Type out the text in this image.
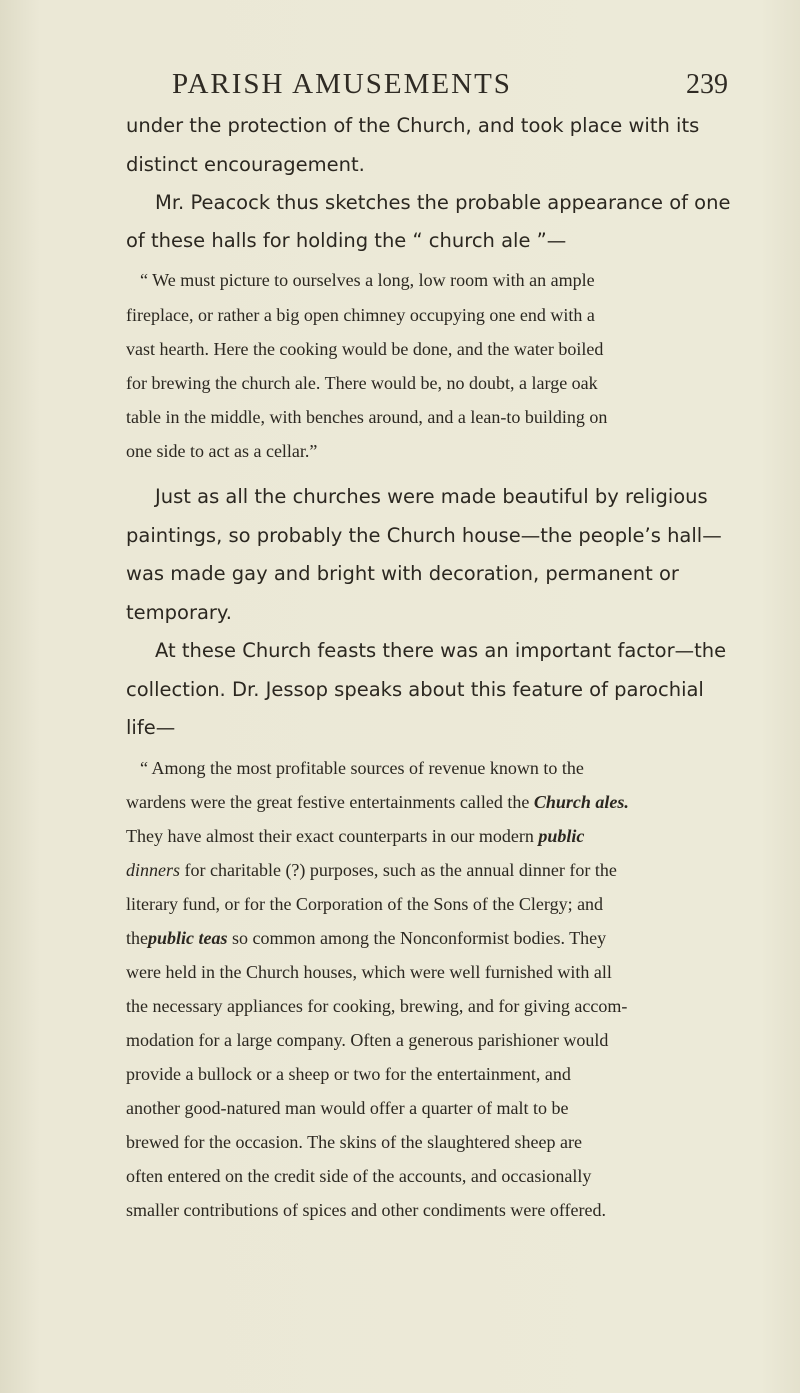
PARISH AMUSEMENTS	239
under the protection of the Church, and took place with its
distinct encouragement.
Mr. Peacock thus sketches the probable appearance of one
of these halls for holding the “ church ale ”—
“ We must picture to ourselves a long, low room with an ample
fireplace, or rather a big open chimney occupying one end with a
vast hearth. Here the cooking would be done, and the water boiled
for brewing the church ale. There would be, no doubt, a large oak
table in the middle, with benches around, and a lean-to building on
one side to act as a cellar.”
Just as all the churches were made beautiful by religious
paintings, so probably the Church house—the people’s hall—
was made gay and bright with decoration, permanent or
temporary.
At these Church feasts there was an important factor—the
collection. Dr. Jessop speaks about this feature of parochial
life—
“ Among the most profitable sources of revenue known to the
wardens were the great festive entertainments called the Church ales.
They have almost their exact counterparts in our modern public
dinners for charitable (?) purposes, such as the annual dinner for the
literary fund, or for the Corporation of the Sons of the Clergy; and
thepublic teas so common among the Nonconformist bodies. They
were held in the Church houses, which were well furnished with all
the necessary appliances for cooking, brewing, and for giving accom-
modation for a large company. Often a generous parishioner would
provide a bullock or a sheep or two for the entertainment, and
another good-natured man would offer a quarter of malt to be
brewed for the occasion. The skins of the slaughtered sheep are
often entered on the credit side of the accounts, and occasionally
smaller contributions of spices and other condiments were offered.
